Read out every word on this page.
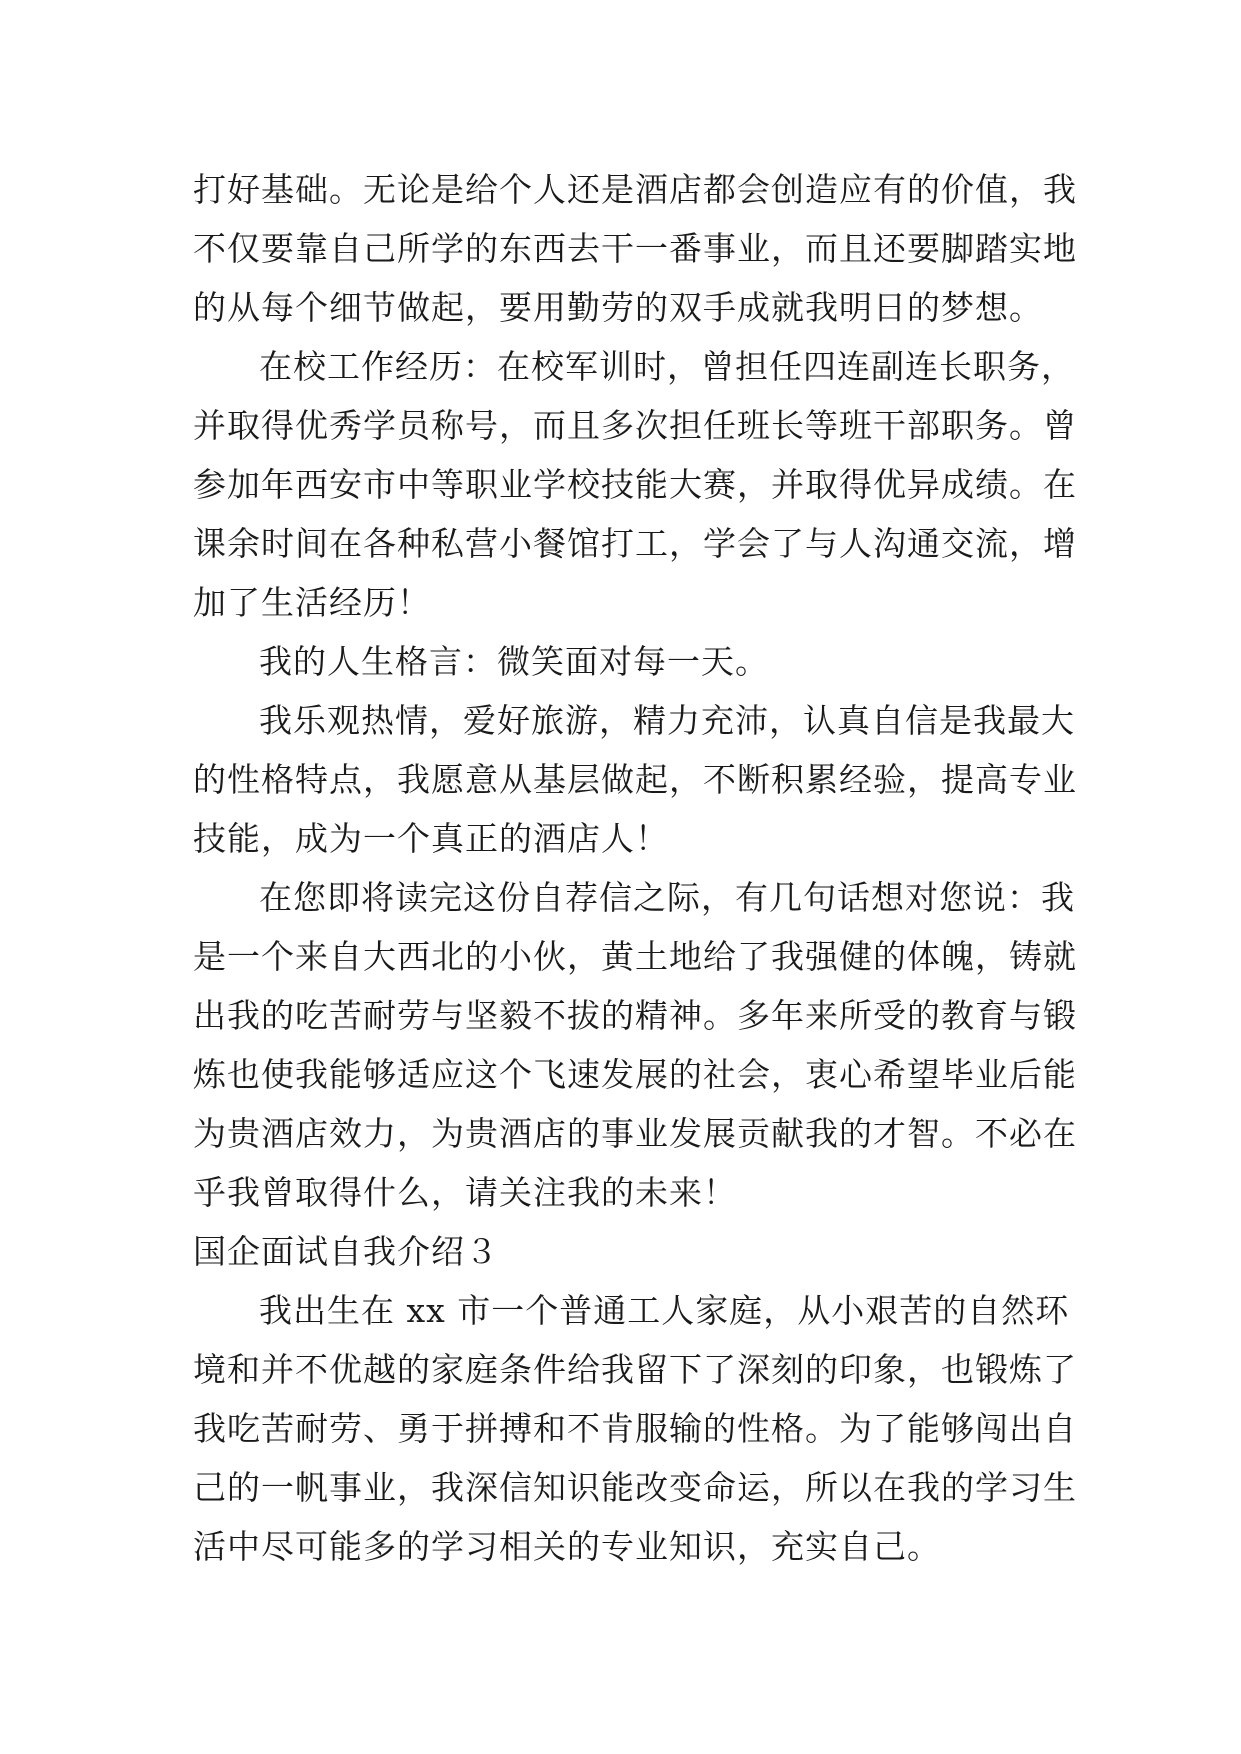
打好基础。无论是给个人还是酒店都会创造应有的价值，我
不仅要靠自己所学的东西去干一番事业，而且还要脚踏实地
的从每个细节做起，要用勤劳的双手成就我明日的梦想。
在校工作经历：在校军训时，曾担任四连副连长职务，
并取得优秀学员称号，而且多次担任班长等班干部职务。曾
参加年西安市中等职业学校技能大赛，并取得优异成绩。在
课余时间在各种私营小餐馆打工，学会了与人沟通交流，增
加了生活经历！
我的人生格言：微笑面对每一天。
我乐观热情，爱好旅游，精力充沛，认真自信是我最大
的性格特点，我愿意从基层做起，不断积累经验，提高专业
技能，成为一个真正的酒店人！
在您即将读完这份自荐信之际，有几句话想对您说：我
是一个来自大西北的小伙，黄土地给了我强健的体魄，铸就
出我的吃苦耐劳与坚毅不拔的精神。多年来所受的教育与锻
炼也使我能够适应这个飞速发展的社会，衷心希望毕业后能
为贵酒店效力，为贵酒店的事业发展贡献我的才智。不必在
乎我曾取得什么，请关注我的未来！
国企面试自我介绍３
我出生在 xx 市一个普通工人家庭，从小艰苦的自然环
境和并不优越的家庭条件给我留下了深刻的印象，也锻炼了
我吃苦耐劳、勇于拼搏和不肯服输的性格。为了能够闯出自
己的一帆事业，我深信知识能改变命运，所以在我的学习生
活中尽可能多的学习相关的专业知识，充实自己。
